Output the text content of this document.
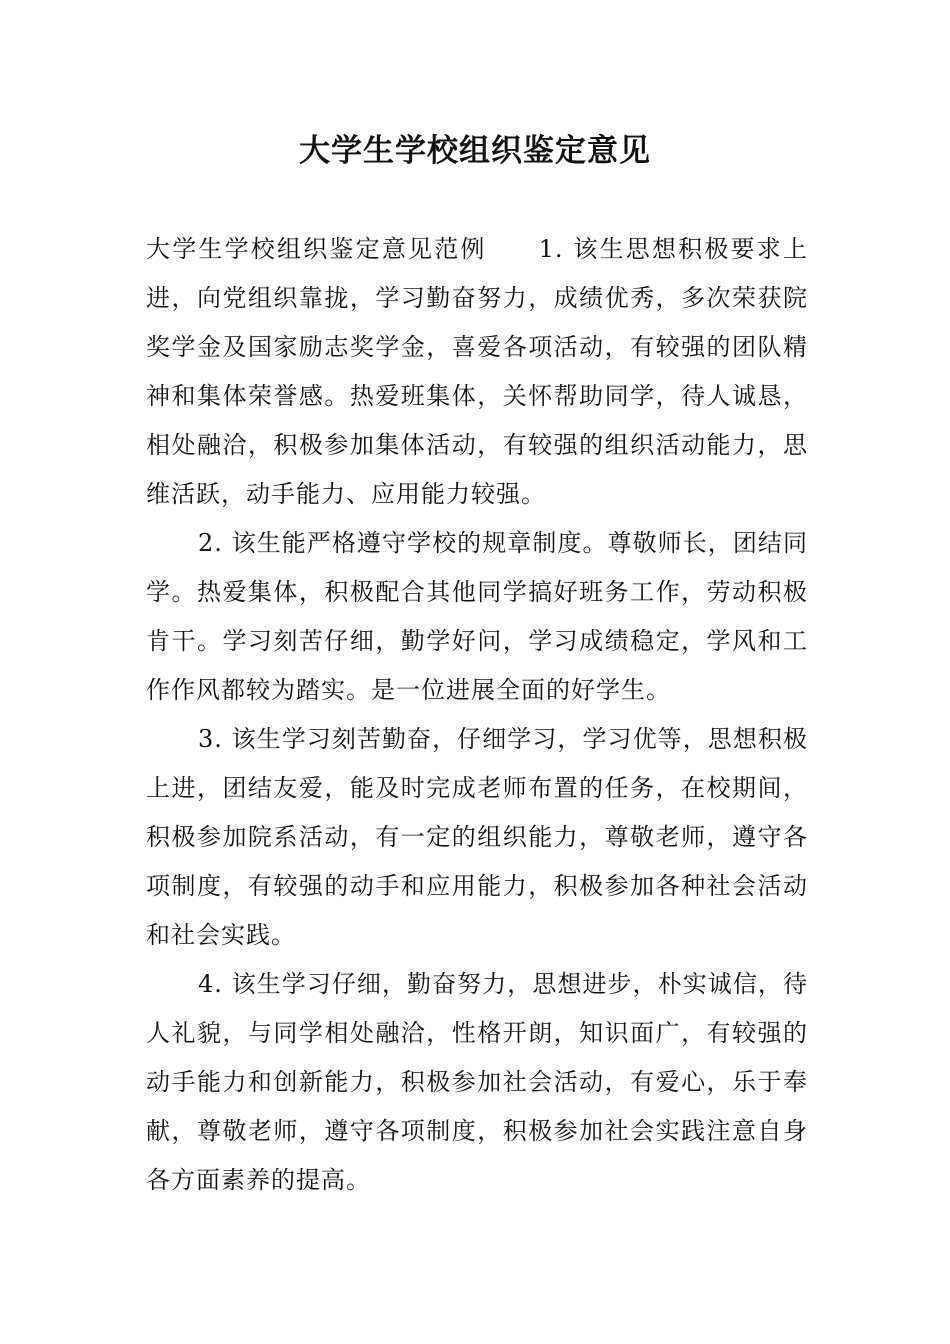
大学生学校组织鉴定意见

大学生学校组织鉴定意见范例 1. 该生思想积极要求上进，向党组织靠拢，学习勤奋努力，成绩优秀，多次荣获院奖学金及国家励志奖学金，喜爱各项活动，有较强的团队精神和集体荣誉感。热爱班集体，关怀帮助同学，待人诚恳，相处融洽，积极参加集体活动，有较强的组织活动能力，思维活跃，动手能力、应用能力较强。

2. 该生能严格遵守学校的规章制度。尊敬师长，团结同学。热爱集体，积极配合其他同学搞好班务工作，劳动积极肯干。学习刻苦仔细，勤学好问，学习成绩稳定，学风和工作作风都较为踏实。是一位进展全面的好学生。

3. 该生学习刻苦勤奋，仔细学习，学习优等，思想积极上进，团结友爱，能及时完成老师布置的任务，在校期间，积极参加院系活动，有一定的组织能力，尊敬老师，遵守各项制度，有较强的动手和应用能力，积极参加各种社会活动和社会实践。

4. 该生学习仔细，勤奋努力，思想进步，朴实诚信，待人礼貌，与同学相处融洽，性格开朗，知识面广，有较强的动手能力和创新能力，积极参加社会活动，有爱心，乐于奉献，尊敬老师，遵守各项制度，积极参加社会实践注意自身各方面素养的提高。
